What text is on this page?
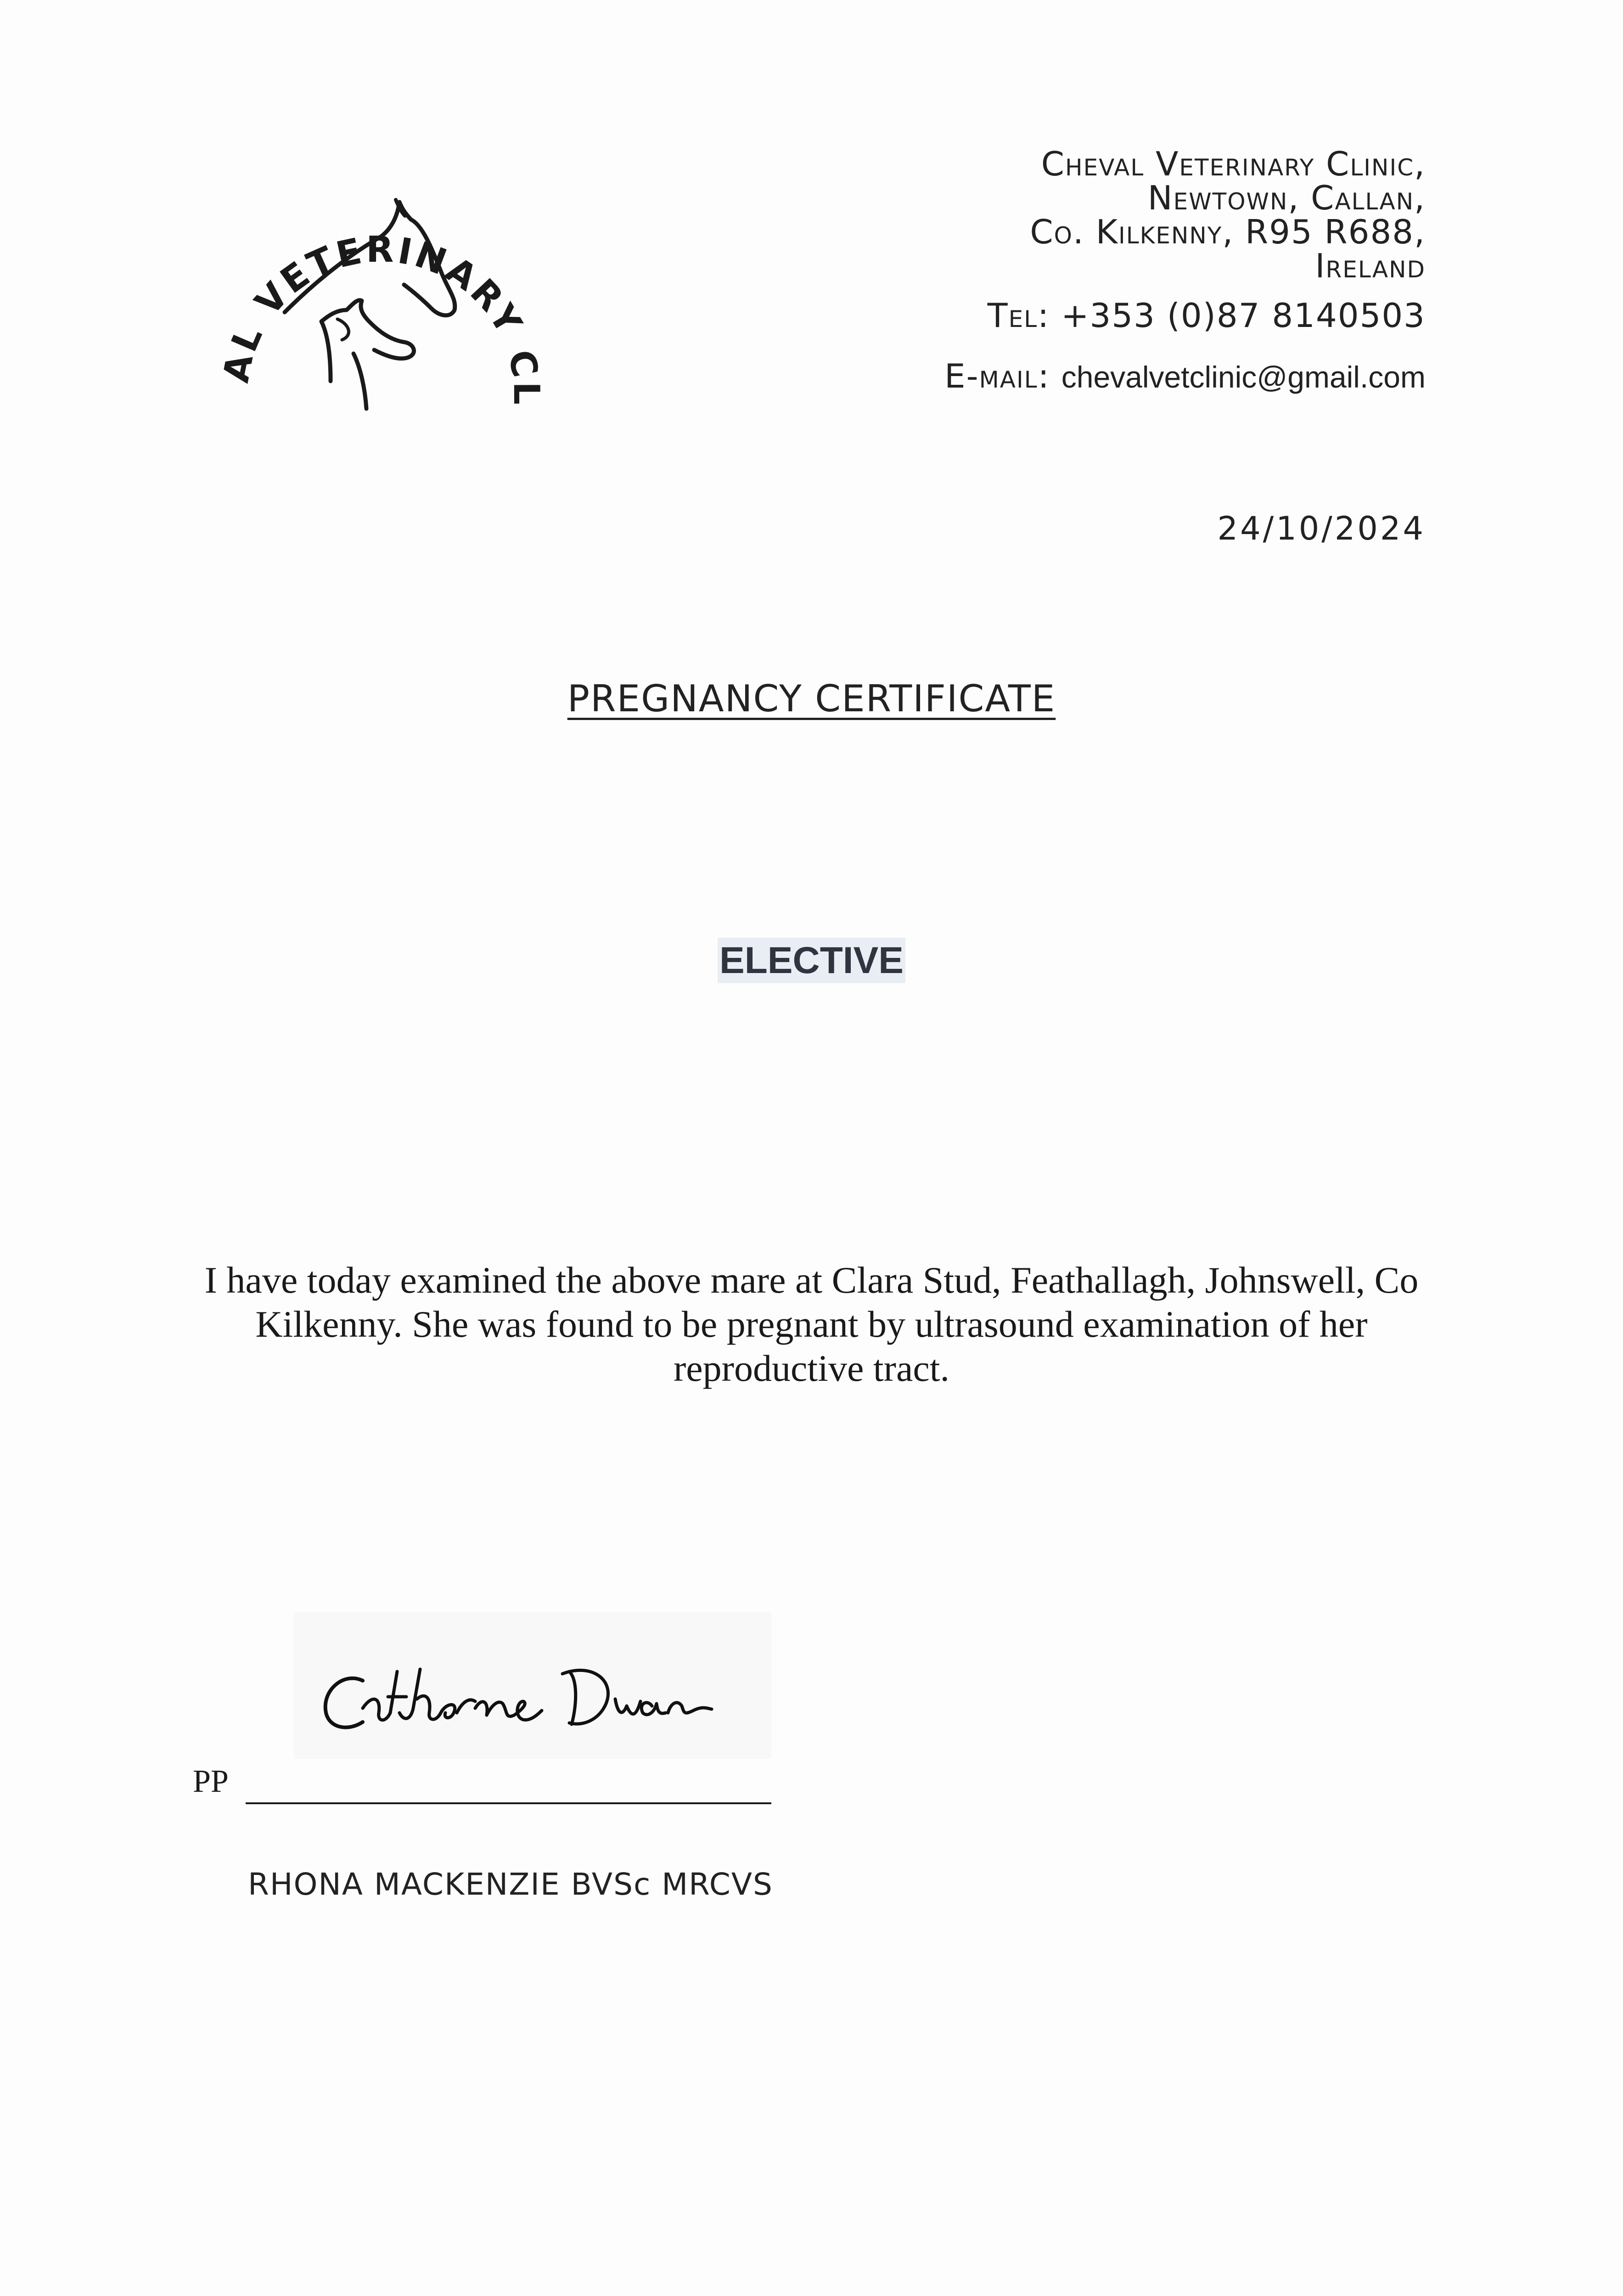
AL VETERINARY CL
Cheval Veterinary Clinic,
Newtown, Callan,
Co. Kilkenny, R95 R688,
Ireland
Tel: +353 (0)87 8140503
E-mail: chevalvetclinic@gmail.com
24/10/2024
PREGNANCY CERTIFICATE
ELECTIVE
I have today examined the above mare at Clara Stud, Feathallagh, Johnswell, Co Kilkenny. She was found to be pregnant by ultrasound examination of her reproductive tract.
Catherine Dwan
PP
RHONA MACKENZIE BVSc MRCVS
